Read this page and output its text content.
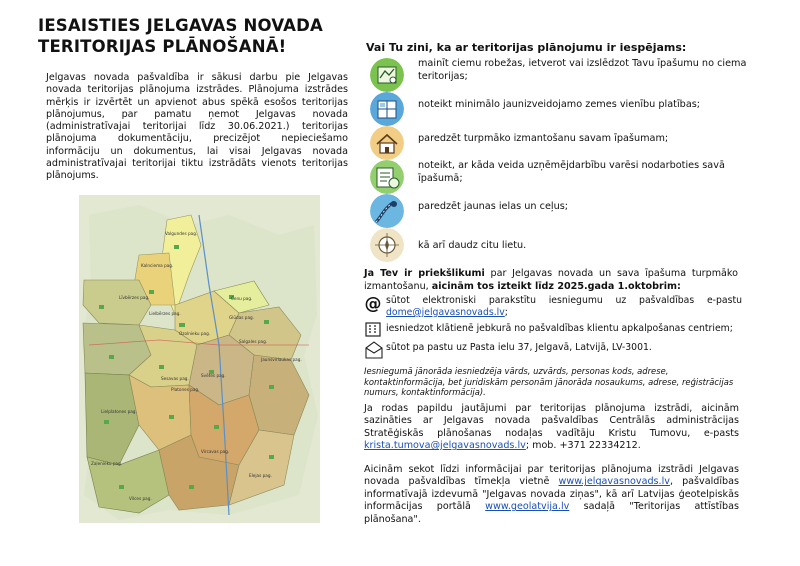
IESAISTIES JELGAVAS NOVADA TERITORIJAS PLĀNOŠANĀ!

Jelgavas novada pašvaldība ir sākusi darbu pie Jelgavas novada teritorijas plānojuma izstrādes. Plānojuma izstrādes mērķis ir izvērtēt un apvienot abus spēkā esošos teritorijas plānojumus, par pamatu ņemot Jelgavas novada (administratīvajai teritorijai līdz 30.06.2021.) teritorijas plānojuma dokumentāciju, precizējot nepieciešamo informāciju un dokumentus, lai visai Jelgavas novada administratīvajai teritorijai tiktu izstrādāts vienots teritorijas plānojums.

Valgundes pag.
Kalnciema pag.
Lielplatones pag.
Līvbērzes pag.
Ozolnieku pag.
Cenu pag.
Glūdas pag.
Salgales pag.
Sesavas pag.
Vircavas pag.
Platones pag.
Zaļenieku pag.
Elejas pag.
Vilces pag.
Jaunsvirlaukas pag.
Svētes pag.
Lielbērzes pag.

Vai Tu zini, ka ar teritorijas plānojumu ir iespējams:

mainīt ciemu robežas, ietverot vai izslēdzot Tavu īpašumu no ciema teritorijas;
noteikt minimālo jaunizveidojamo zemes vienību platības;
paredzēt turpmāko izmantošanu savam īpašumam;
noteikt, ar kāda veida uzņēmējdarbību varēsi nodarboties savā īpašumā;
paredzēt jaunas ielas un ceļus;
kā arī daudz citu lietu.

Ja Tev ir priekšlikumi par Jelgavas novada un sava īpašuma turpmāko izmantošanu, aicinām tos izteikt līdz 2025.gada 1.oktobrim:

@ sūtot elektroniski parakstītu iesniegumu uz pašvaldības e-pastu dome@jelgavasnovads.lv;
iesniedzot klātienē jebkurā no pašvaldības klientu apkalpošanas centriem;
sūtot pa pastu uz Pasta ielu 37, Jelgavā, Latvijā, LV-3001.

Iesniegumā jānorāda iesniedzēja vārds, uzvārds, personas kods, adrese, kontaktinformācija, bet juridiskām personām jānorāda nosaukums, adrese, reģistrācijas numurs, kontaktinformācija).

Ja rodas papildu jautājumi par teritorijas plānojuma izstrādi, aicinām sazināties ar Jelgavas novada pašvaldības Centrālās administrācijas Stratēģiskās plānošanas nodaļas vadītāju Kristu Tumovu, e-pasts krista.tumova@jelgavasnovads.lv; mob. +371 22334212.

Aicinām sekot līdzi informācijai par teritorijas plānojuma izstrādi Jelgavas novada pašvaldības tīmekļa vietnē www.jelgavasnovads.lv, pašvaldības informatīvajā izdevumā "Jelgavas novada ziņas", kā arī Latvijas ģeotelpiskās informācijas portālā www.geolatvija.lv sadaļā "Teritorijas attīstības plānošana".
